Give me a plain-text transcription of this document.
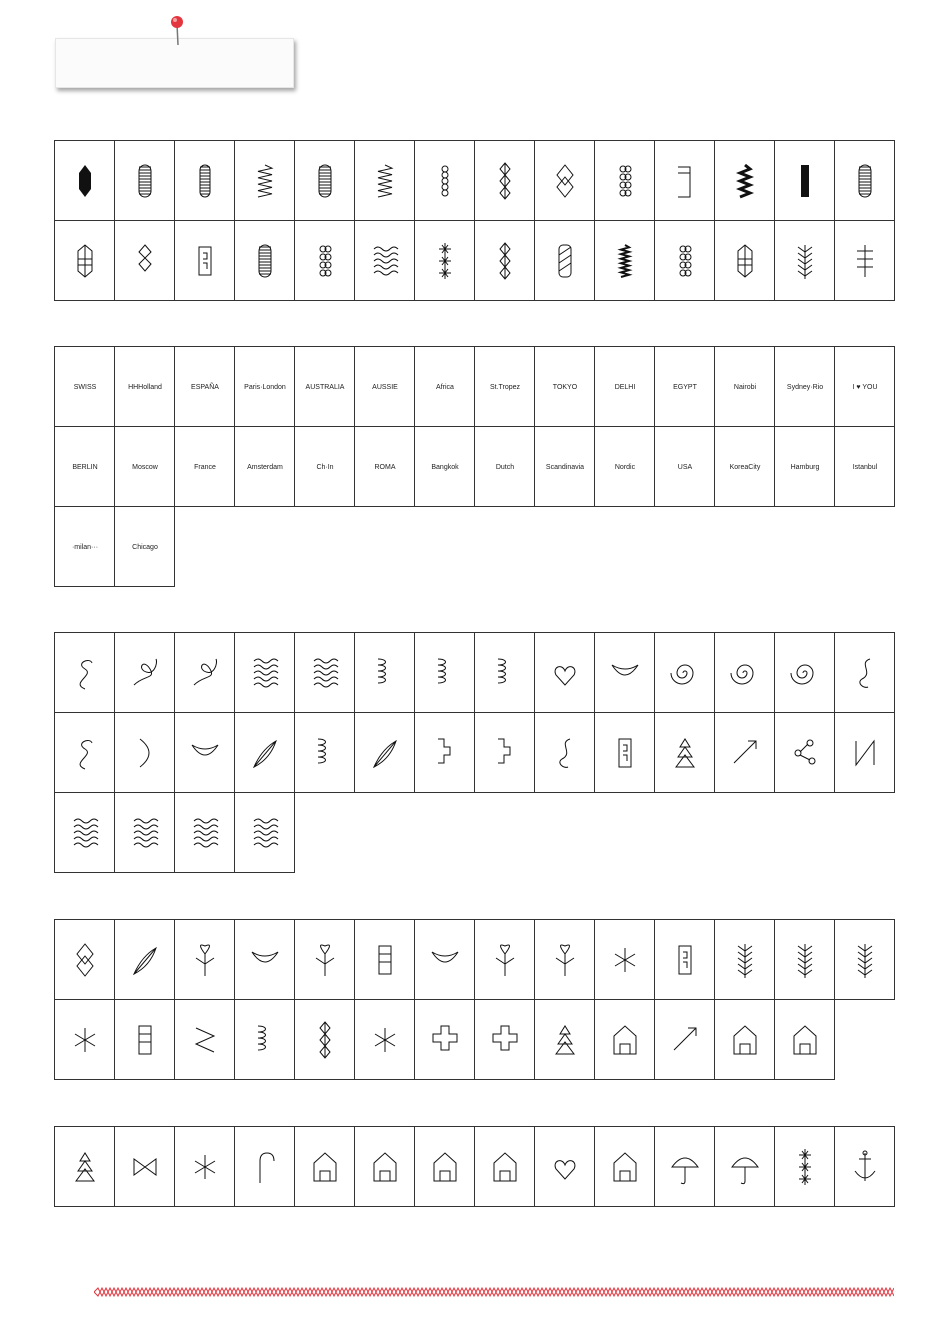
SWISS	HHHolland	ESPAÑA	Paris·London	AUSTRALIA	AUSSIE	Africa	St.Tropez	TOKYO	DELHI	EGYPT	Nairobi	Sydney·Rio	I ♥ YOU
BERLIN	Moscow	France	Amsterdam	Ch·In	ROMA	Bangkok	Dutch	Scandinavia	Nordic	USA	KoreaCity	Hamburg	Istanbul
·milan···	Chicago
